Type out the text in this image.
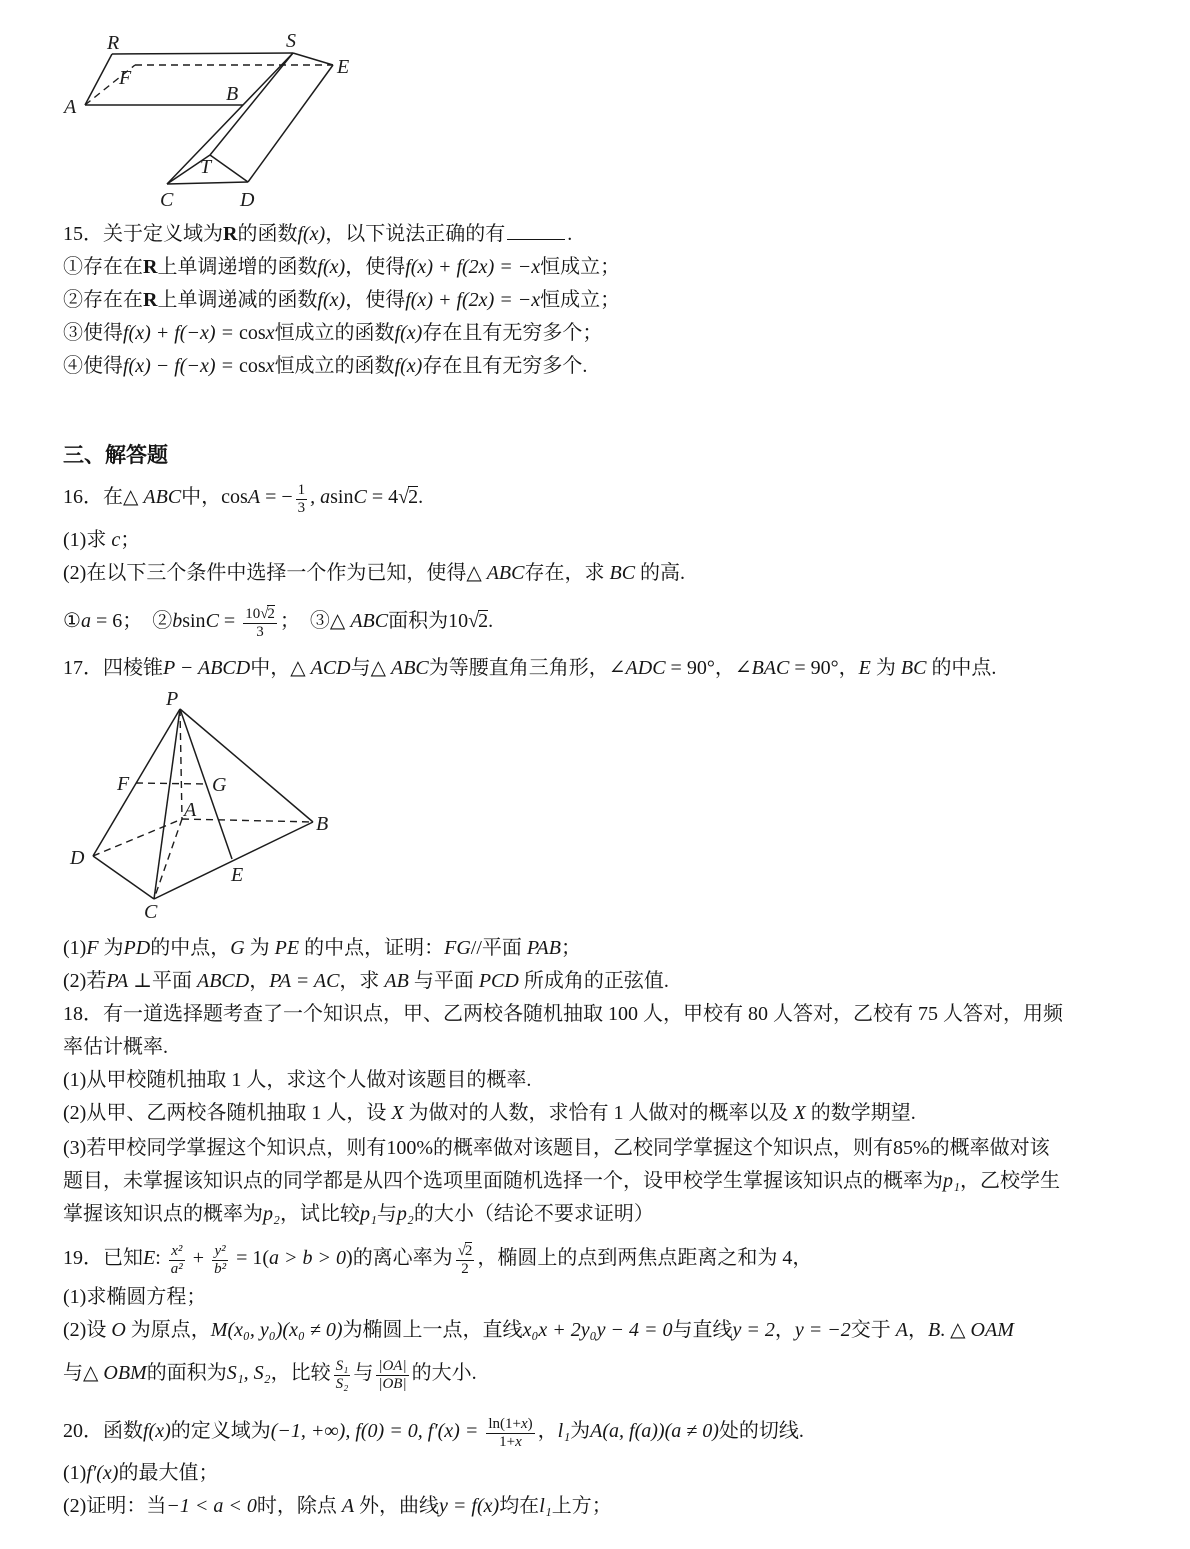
R	S
E
F
A
B
T
C	D
15．关于定义域为R的函数f(x)，以下说法正确的有	.
①存在在R上单调递增的函数f(x)，使得f(x) + f(2x) = −x恒成立；
②存在在R上单调递减的函数f(x)，使得f(x) + f(2x) = −x恒成立；
③使得f(x) + f(−x) = cosx恒成立的函数f(x)存在且有无穷多个；
④使得f(x) − f(−x) = cosx恒成立的函数f(x)存在且有无穷多个.
三、解答题
16．在△ ABC中，cosA = − $\frac{1}{3}$ , asinC = 4√2.
(1)求 c；
(2)在以下三个条件中选择一个作为已知，使得△ ABC存在，求 BC 的高.
①a = 6； ②bsinC = $\frac{10√2}{3}$ ； ③△ ABC面积为10√2.
17．四棱锥P − ABCD中，△ ACD与△ ABC为等腰直角三角形，∠ADC = 90°，∠BAC = 90°，E 为 BC 的中点.
P
F	G
A
B
D
E
C
(1)F 为PD的中点，G 为 PE 的中点，证明：FG//平面 PAB；
(2)若PA ⊥平面 ABCD，PA = AC，求 AB 与平面 PCD 所成角的正弦值.
18．有一道选择题考查了一个知识点，甲、乙两校各随机抽取 100 人，甲校有 80 人答对，乙校有 75 人答对，用频
率估计概率.
(1)从甲校随机抽取 1 人，求这个人做对该题目的概率.
(2)从甲、乙两校各随机抽取 1 人，设 X 为做对的人数，求恰有 1 人做对的概率以及 X 的数学期望.
(3)若甲校同学掌握这个知识点，则有100%的概率做对该题目，乙校同学掌握这个知识点，则有85%的概率做对该
题目，未掌握该知识点的同学都是从四个选项里面随机选择一个，设甲校学生掌握该知识点的概率为p₁，乙校学生
掌握该知识点的概率为p₂，试比较p₁与p₂的大小（结论不要求证明）
19．已知E: $\frac{\text{x²}}{\text{a²}} + \frac{\text{y²}}{\text{b²}} = 1(a > b > 0)$的离心率为 $\frac{√2}{2}$ ，椭圆上的点到两焦点距离之和为 4，
(1)求椭圆方程；
(2)设 O 为原点，M(x₀, y₀)(x₀ ≠ 0)为椭圆上一点，直线x₀x + 2y₀y − 4 = 0与直线y = 2，y = −2交于 A，B. △ OAM
与△ OBM的面积为S₁, S₂，比较 $\frac{\text{S₁}}{\text{S₂}}$ 与 $\frac{|OA|}{|OB|}$ 的大小.
20．函数f(x)的定义域为(−1, +∞), f(0) = 0, $f'(x) = \frac{\ln(1+x)}{1+x}$ ，l₁为A(a, f(a))(a ≠ 0)处的切线.
(1)f′(x)的最大值；
(2)证明：当−1 < a < 0时，除点 A 外，曲线y = f(x)均在l₁上方；
